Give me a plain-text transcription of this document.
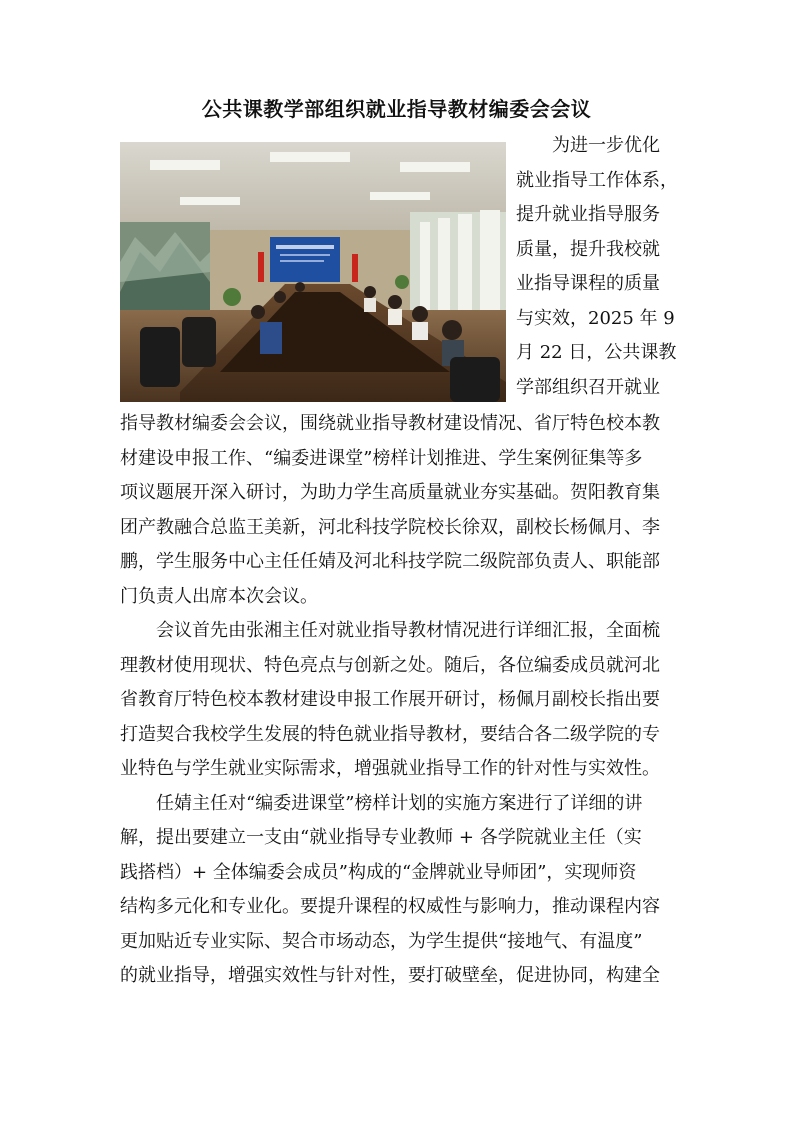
公共课教学部组织就业指导教材编委会会议
为进一步优化
就业指导工作体系，
提升就业指导服务
质量，提升我校就
业指导课程的质量
与实效，2025 年 9
月 22 日，公共课教
学部组织召开就业
指导教材编委会会议，围绕就业指导教材建设情况、省厅特色校本教
材建设申报工作、“编委进课堂”榜样计划推进、学生案例征集等多
项议题展开深入研讨，为助力学生高质量就业夯实基础。贺阳教育集
团产教融合总监王美新，河北科技学院校长徐双，副校长杨佩月、李
鹏，学生服务中心主任任婧及河北科技学院二级院部负责人、职能部
门负责人出席本次会议。
会议首先由张湘主任对就业指导教材情况进行详细汇报，全面梳
理教材使用现状、特色亮点与创新之处。随后，各位编委成员就河北
省教育厅特色校本教材建设申报工作展开研讨，杨佩月副校长指出要
打造契合我校学生发展的特色就业指导教材，要结合各二级学院的专
业特色与学生就业实际需求，增强就业指导工作的针对性与实效性。
任婧主任对“编委进课堂”榜样计划的实施方案进行了详细的讲
解，提出要建立一支由“就业指导专业教师 + 各学院就业主任（实
践搭档）+ 全体编委会成员”构成的“金牌就业导师团”，实现师资
结构多元化和专业化。要提升课程的权威性与影响力，推动课程内容
更加贴近专业实际、契合市场动态，为学生提供“接地气、有温度”
的就业指导，增强实效性与针对性，要打破壁垒，促进协同，构建全
